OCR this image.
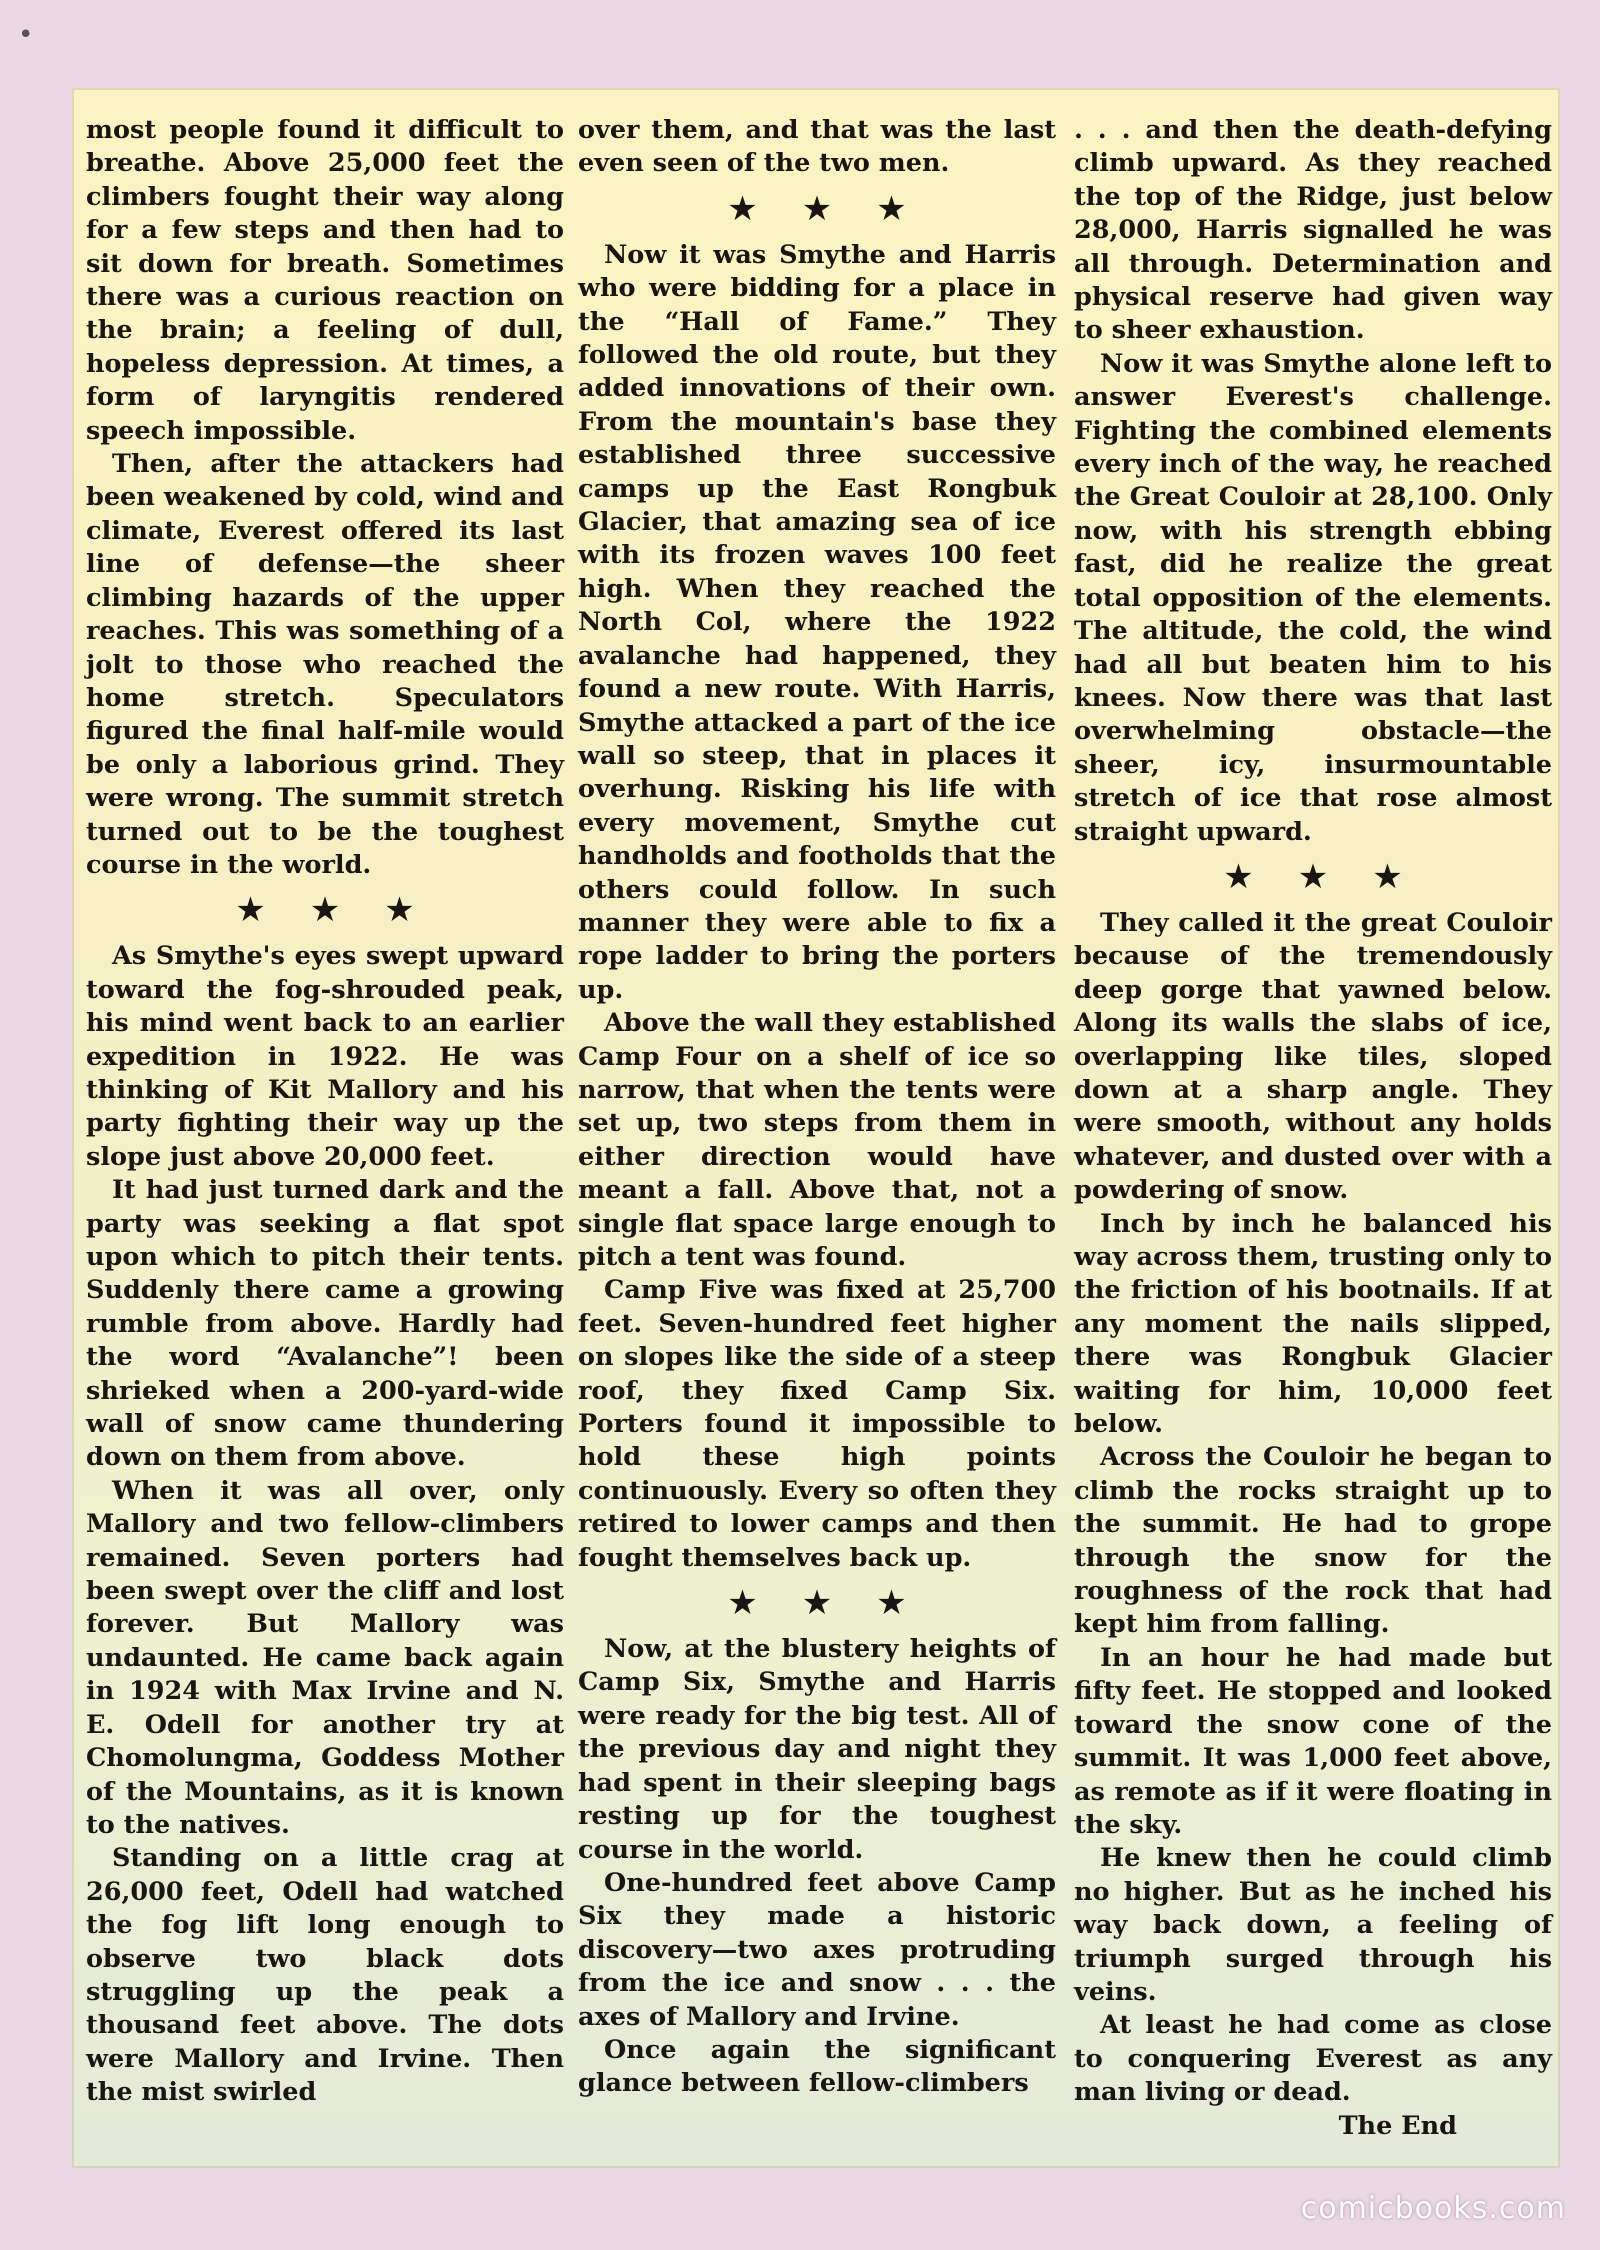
•

most people found it difficult to breathe. Above 25,000 feet the climbers fought their way along for a few steps and then had to sit down for breath. Sometimes there was a curious reaction on the brain; a feeling of dull, hopeless depression. At times, a form of laryngitis rendered speech impossible.

Then, after the attackers had been weakened by cold, wind and climate, Everest offered its last line of defense—the sheer climbing hazards of the upper reaches. This was something of a jolt to those who reached the home stretch. Speculators figured the final half-mile would be only a laborious grind. They were wrong. The summit stretch turned out to be the toughest course in the world.

★ ★ ★

As Smythe's eyes swept upward toward the fog-shrouded peak, his mind went back to an earlier expedition in 1922. He was thinking of Kit Mallory and his party fighting their way up the slope just above 20,000 feet.

It had just turned dark and the party was seeking a flat spot upon which to pitch their tents. Suddenly there came a growing rumble from above. Hardly had the word “Avalanche”! been shrieked when a 200-yard-wide wall of snow came thundering down on them from above.

When it was all over, only Mallory and two fellow-climbers remained. Seven porters had been swept over the cliff and lost forever. But Mallory was undaunted. He came back again in 1924 with Max Irvine and N. E. Odell for another try at Chomolungma, Goddess Mother of the Mountains, as it is known to the natives.

Standing on a little crag at 26,000 feet, Odell had watched the fog lift long enough to observe two black dots struggling up the peak a thousand feet above. The dots were Mallory and Irvine. Then the mist swirled

over them, and that was the last even seen of the two men.

★ ★ ★

Now it was Smythe and Harris who were bidding for a place in the “Hall of Fame.” They followed the old route, but they added innovations of their own. From the mountain's base they established three successive camps up the East Rongbuk Glacier, that amazing sea of ice with its frozen waves 100 feet high. When they reached the North Col, where the 1922 avalanche had happened, they found a new route. With Harris, Smythe attacked a part of the ice wall so steep, that in places it overhung. Risking his life with every movement, Smythe cut handholds and footholds that the others could follow. In such manner they were able to fix a rope ladder to bring the porters up.

Above the wall they established Camp Four on a shelf of ice so narrow, that when the tents were set up, two steps from them in either direction would have meant a fall. Above that, not a single flat space large enough to pitch a tent was found.

Camp Five was fixed at 25,700 feet. Seven-hundred feet higher on slopes like the side of a steep roof, they fixed Camp Six. Porters found it impossible to hold these high points continuously. Every so often they retired to lower camps and then fought themselves back up.

★ ★ ★

Now, at the blustery heights of Camp Six, Smythe and Harris were ready for the big test. All of the previous day and night they had spent in their sleeping bags resting up for the toughest course in the world.

One-hundred feet above Camp Six they made a historic discovery—two axes protruding from the ice and snow . . . the axes of Mallory and Irvine.

Once again the significant glance between fellow-climbers

. . . and then the death-defying climb upward. As they reached the top of the Ridge, just below 28,000, Harris signalled he was all through. Determination and physical reserve had given way to sheer exhaustion.

Now it was Smythe alone left to answer Everest's challenge. Fighting the combined elements every inch of the way, he reached the Great Couloir at 28,100. Only now, with his strength ebbing fast, did he realize the great total opposition of the elements. The altitude, the cold, the wind had all but beaten him to his knees. Now there was that last overwhelming obstacle—the sheer, icy, insurmountable stretch of ice that rose almost straight upward.

★ ★ ★

They called it the great Couloir because of the tremendously deep gorge that yawned below. Along its walls the slabs of ice, overlapping like tiles, sloped down at a sharp angle. They were smooth, without any holds whatever, and dusted over with a powdering of snow.

Inch by inch he balanced his way across them, trusting only to the friction of his bootnails. If at any moment the nails slipped, there was Rongbuk Glacier waiting for him, 10,000 feet below.

Across the Couloir he began to climb the rocks straight up to the summit. He had to grope through the snow for the roughness of the rock that had kept him from falling.

In an hour he had made but fifty feet. He stopped and looked toward the snow cone of the summit. It was 1,000 feet above, as remote as if it were floating in the sky.

He knew then he could climb no higher. But as he inched his way back down, a feeling of triumph surged through his veins.

At least he had come as close to conquering Everest as any man living or dead.

The End

comicbooks.com
